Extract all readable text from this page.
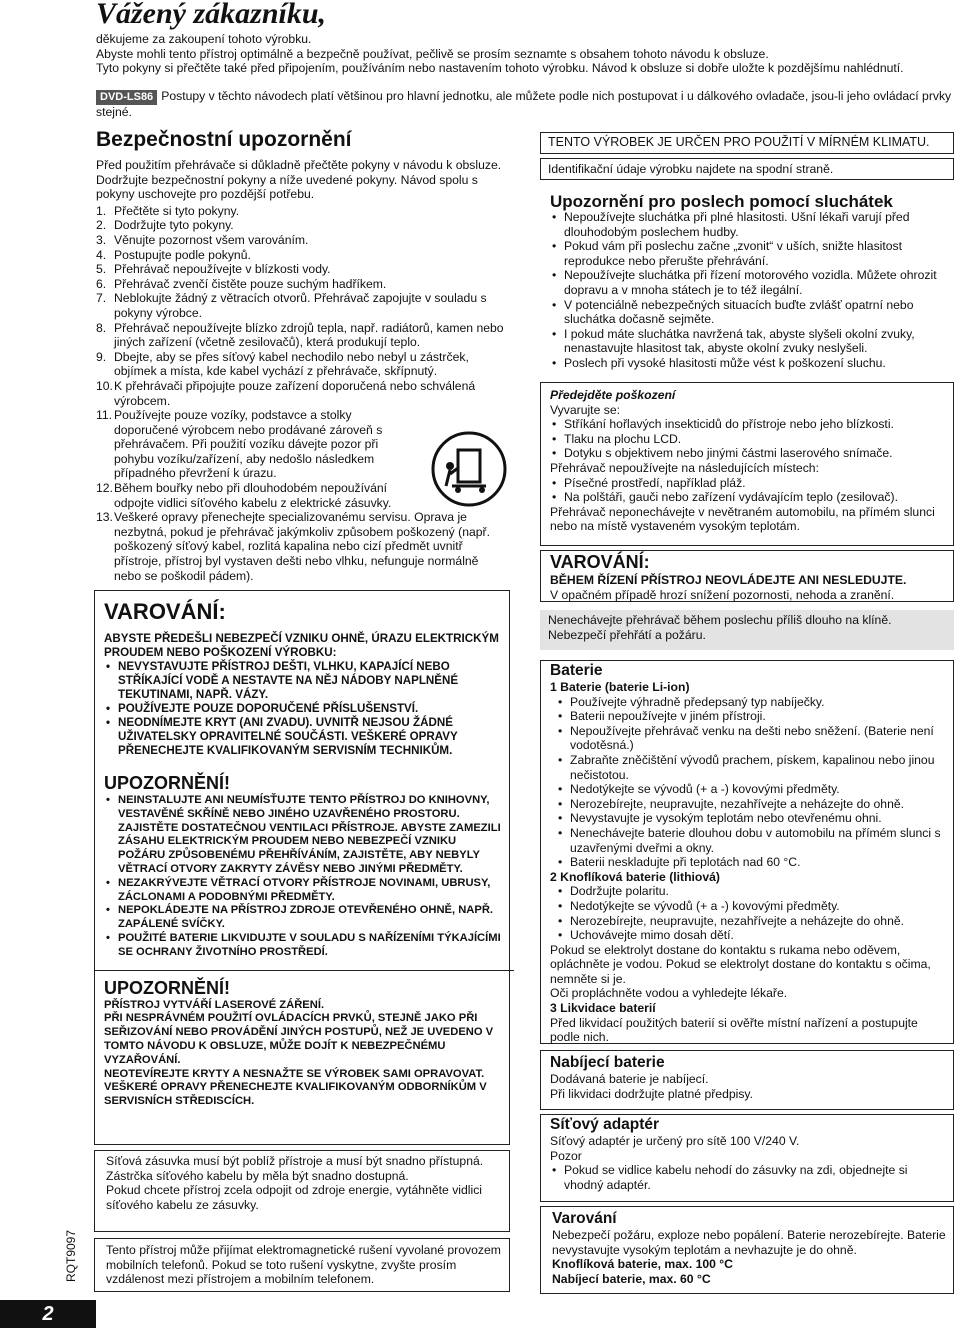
Vážený zákazníku,

děkujeme za zakoupení tohoto výrobku.

Abyste mohli tento přístroj optimálně a bezpečně používat, pečlivě se prosím seznamte s obsahem tohoto návodu k obsluze.

Tyto pokyny si přečtěte také před připojením, používáním nebo nastavením tohoto výrobku. Návod k obsluze si dobře uložte k pozdějšímu nahlédnutí.

DVD-LS86 Postupy v těchto návodech platí většinou pro hlavní jednotku, ale můžete podle nich postupovat i u dálkového ovladače, jsou-li jeho ovládací prvky stejné.
Bezpečnostní upozornění

Před použitím přehrávače si důkladně přečtěte pokyny v návodu k obsluze. Dodržujte bezpečnostní pokyny a níže uvedené pokyny. Návod spolu s pokyny uschovejte pro pozdější potřebu.

1. Přečtěte si tyto pokyny.
2. Dodržujte tyto pokyny.
3. Věnujte pozornost všem varováním.
4. Postupujte podle pokynů.
5. Přehrávač nepoužívejte v blízkosti vody.
6. Přehrávač zvenčí čistěte pouze suchým hadříkem.
7. Neblokujte žádný z větracích otvorů. Přehrávač zapojujte v souladu s pokyny výrobce.
8. Přehrávač nepoužívejte blízko zdrojů tepla, např. radiátorů, kamen nebo jiných zařízení (včetně zesilovačů), která produkují teplo.
9. Dbejte, aby se přes síťový kabel nechodilo nebo nebyl u zástrček, objímek a místa, kde kabel vychází z přehrávače, skřípnutý.
10. K přehrávači připojujte pouze zařízení doporučená nebo schválená výrobcem.
11. Používejte pouze vozíky, podstavce a stolky doporučené výrobcem nebo prodávané zároveň s přehrávačem. Při použití vozíku dávejte pozor při pohybu vozíku/zařízení, aby nedošlo následkem případného převržení k úrazu.
12. Během bouřky nebo při dlouhodobém nepoužívání odpojte vidlici síťového kabelu z elektrické zásuvky.
13. Veškeré opravy přenechejte specializovanému servisu. Oprava je nezbytná, pokud je přehrávač jakýmkoliv způsobem poškozený (např. poškozený síťový kabel, rozlitá kapalina nebo cizí předmět uvnitř přístroje, přístroj byl vystaven dešti nebo vlhku, nefunguje normálně nebo se poškodil pádem).
VAROVÁNÍ:

ABYSTE PŘEDEŠLI NEBEZPEČÍ VZNIKU OHNĚ, ÚRAZU ELEKTRICKÝM PROUDEM NEBO POŠKOZENÍ VÝROBKU:

• NEVYSTAVUJTE PŘÍSTROJ DEŠTI, VLHKU, KAPAJÍCÍ NEBO STŘÍKAJÍCÍ VODĚ A NESTAVTE NA NĚJ NÁDOBY NAPLNĚNÉ TEKUTINAMI, NAPŘ. VÁZY.
• POUŽÍVEJTE POUZE DOPORUČENÉ PŘÍSLUŠENSTVÍ.
• NEODNÍMEJTE KRYT (ANI ZVADU). UVNITŘ NEJSOU ŽÁDNÉ UŽIVATELSKY OPRAVITELNÉ SOUČÁSTI. VEŠKERÉ OPRAVY PŘENECHEJTE KVALIFIKOVANÝM SERVISNÍM TECHNIKŮM.
UPOZORNĚNÍ!
• NEINSTALUJTE ANI NEUMÍSŤUJTE TENTO PŘÍSTROJ DO KNIHOVNY, VESTAVĚNÉ SKŘÍNĚ NEBO JINÉHO UZAVŘENÉHO PROSTORU. ZAJISTĚTE DOSTATEČNOU VENTILACI PŘÍSTROJE. ABYSTE ZAMEZILI ZÁSAHU ELEKTRICKÝM PROUDEM NEBO NEBEZPEČÍ VZNIKU POŽÁRU ZPŮSOBENÉMU PŘEHŘÍVÁNÍM, ZAJISTĚTE, ABY NEBYLY VĚTRACÍ OTVORY ZAKRYTY ZÁVĚSY NEBO JINÝMI PŘEDMĚTY.
• NEZAKRÝVEJTE VĚTRACÍ OTVORY PŘÍSTROJE NOVINAMI, UBRUSY, ZÁCLONAMI A PODOBNÝMI PŘEDMĚTY.
• NEPOKLÁDEJTE NA PŘÍSTROJ ZDROJE OTEVŘENÉHO OHNĚ, NAPŘ. ZAPÁLENÉ SVÍČKY.
• POUŽITÉ BATERIE LIKVIDUJTE V SOULADU S NAŘÍZENÍMI TÝKAJÍCÍMI SE OCHRANY ŽIVOTNÍHO PROSTŘEDÍ.
UPOZORNĚNÍ!

PŘÍSTROJ VYTVÁŘÍ LASEROVÉ ZÁŘENÍ.

PŘI NESPRÁVNÉM POUŽITÍ OVLÁDACÍCH PRVKŮ, STEJNĚ JAKO PŘI SEŘIZOVÁNÍ NEBO PROVÁDĚNÍ JINÝCH POSTUPŮ, NEŽ JE UVEDENO V TOMTO NÁVODU K OBSLUZE, MŮŽE DOJÍT K NEBEZPEČNÉMU VYZAŘOVÁNÍ.

NEOTEVÍREJTE KRYTY A NESNAŽTE SE VÝROBEK SAMI OPRAVOVAT. VEŠKERÉ OPRAVY PŘENECHEJTE KVALIFIKOVANÝM ODBORNÍKŮM V SERVISNÍCH STŘEDISCÍCH.

Síťová zásuvka musí být poblíž přístroje a musí být snadno přístupná.

Zástrčka síťového kabelu by měla být snadno dostupná.

Pokud chcete přístroj zcela odpojit od zdroje energie, vytáhněte vidlici síťového kabelu ze zásuvky.

Tento přístroj může přijímat elektromagnetické rušení vyvolané provozem mobilních telefonů. Pokud se toto rušení vyskytne, zvyšte prosím vzdálenost mezi přístrojem a mobilním telefonem.
RQT9097
2
TENTO VÝROBEK JE URČEN PRO POUŽITÍ V MÍRNÉM KLIMATU.
Identifikační údaje výrobku najdete na spodní straně.
Upozornění pro poslech pomocí sluchátek
• Nepoužívejte sluchátka při plné hlasitosti. Ušní lékaři varují před dlouhodobým poslechem hudby.
• Pokud vám při poslechu začne „zvonit“ v uších, snižte hlasitost reprodukce nebo přerušte přehrávání.
• Nepoužívejte sluchátka při řízení motorového vozidla. Můžete ohrozit dopravu a v mnoha státech je to též ilegální.
• V potenciálně nebezpečných situacích buďte zvlášť opatrní nebo sluchátka dočasně sejměte.
• I pokud máte sluchátka navržená tak, abyste slyšeli okolní zvuky, nenastavujte hlasitost tak, abyste okolní zvuky neslyšeli.
• Poslech při vysoké hlasitosti může vést k poškození sluchu.

Předejděte poškození

Vyvarujte se:

• Stříkání hořlavých insekticidů do přístroje nebo jeho blízkosti.
• Tlaku na plochu LCD.
• Dotyku s objektivem nebo jinými částmi laserového snímače.

Přehrávač nepoužívejte na následujících místech:

• Písečné prostředí, například pláž.
• Na polštáři, gauči nebo zařízení vydávajícím teplo (zesilovač).

Přehrávač neponechávejte v nevětraném automobilu, na přímém slunci nebo na místě vystaveném vysokým teplotám.

VAROVÁNÍ:

BĚHEM ŘÍZENÍ PŘÍSTROJ NEOVLÁDEJTE ANI NESLEDUJTE.

V opačném případě hrozí snížení pozornosti, nehoda a zranění.

Nenechávejte přehrávač během poslechu příliš dlouho na klíně. Nebezpečí přehřátí a požáru.
Baterie

1 Baterie (baterie Li-ion)

• Používejte výhradně předepsaný typ nabíječky.
• Baterii nepoužívejte v jiném přístroji.
• Nepoužívejte přehrávač venku na dešti nebo sněžení. (Baterie není vodotěsná.)
• Zabraňte zněčištění vývodů prachem, pískem, kapalinou nebo jinou nečistotou.
• Nedotýkejte se vývodů (+ a -) kovovými předměty.
• Nerozebírejte, neupravujte, nezahřívejte a neházejte do ohně.
• Nevystavujte je vysokým teplotám nebo otevřenému ohni.
• Nenechávejte baterie dlouhou dobu v automobilu na přímém slunci s uzavřenými dveřmi a okny.
• Baterii neskladujte při teplotách nad 60 °C.

2 Knoflíková baterie (lithiová)

• Dodržujte polaritu.
• Nedotýkejte se vývodů (+ a -) kovovými předměty.
• Nerozebírejte, neupravujte, nezahřívejte a neházejte do ohně.
• Uchovávejte mimo dosah dětí.

Pokud se elektrolyt dostane do kontaktu s rukama nebo oděvem, opláchněte je vodou. Pokud se elektrolyt dostane do kontaktu s očima, nemněte si je.

Oči propláchněte vodou a vyhledejte lékaře.

3 Likvidace baterií

Před likvidací použitých baterií si ověřte místní nařízení a postupujte podle nich.

Nabíjecí baterie

Dodávaná baterie je nabíjecí.

Při likvidaci dodržujte platné předpisy.

Síťový adaptér

Síťový adaptér je určený pro sítě 100 V/240 V.

Pozor

• Pokud se vidlice kabelu nehodí do zásuvky na zdi, objednejte si vhodný adaptér.
Varování

Nebezpečí požáru, exploze nebo popálení. Baterie nerozebírejte. Baterie nevystavujte vysokým teplotám a nevhazujte je do ohně.

Knoflíková baterie, max. 100 °C

Nabíjecí baterie, max. 60 °C
